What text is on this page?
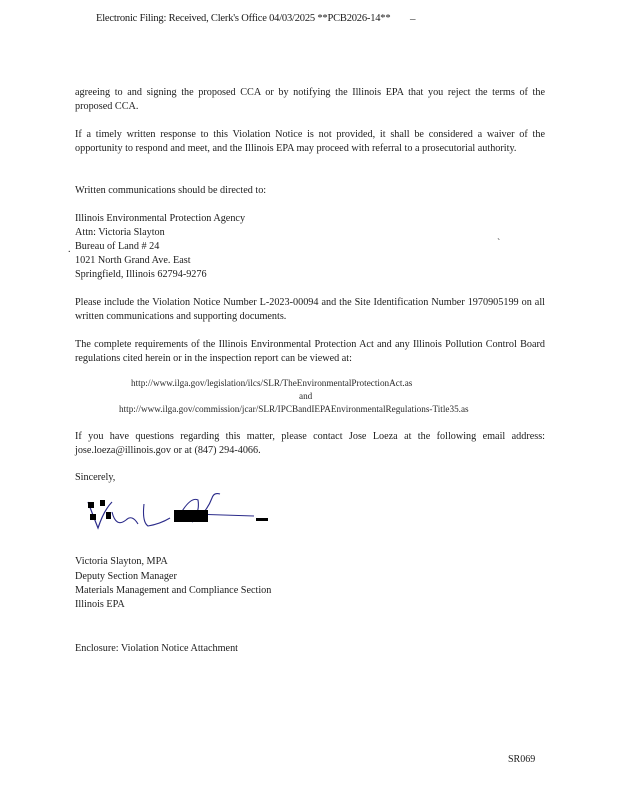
Electronic Filing: Received, Clerk's Office 04/03/2025 **PCB2026-14** –
agreeing to and signing the proposed CCA or by notifying the Illinois EPA that you reject the terms of the proposed CCA.
If a timely written response to this Violation Notice is not provided, it shall be considered a waiver of the opportunity to respond and meet, and the Illinois EPA may proceed with referral to a prosecutorial authority.
Written communications should be directed to:
Illinois Environmental Protection Agency
Attn: Victoria Slayton
Bureau of Land # 24
1021 North Grand Ave. East
Springfield, Illinois 62794-9276
.
`
Please include the Violation Notice Number L-2023-00094 and the Site Identification Number 1970905199 on all written communications and supporting documents.
The complete requirements of the Illinois Environmental Protection Act and any Illinois Pollution Control Board regulations cited herein or in the inspection report can be viewed at:
http://www.ilga.gov/legislation/ilcs/SLR/TheEnvironmentalProtectionAct.as
and
http://www.ilga.gov/commission/jcar/SLR/IPCBandIEPAEnvironmentalRegulations-Title35.as
If you have questions regarding this matter, please contact Jose Loeza at the following email address: jose.loeza@illinois.gov or at (847) 294-4066.
Sincerely,
Victoria Slayton, MPA
Deputy Section Manager
Materials Management and Compliance Section
Illinois EPA
Enclosure: Violation Notice Attachment
SR069
